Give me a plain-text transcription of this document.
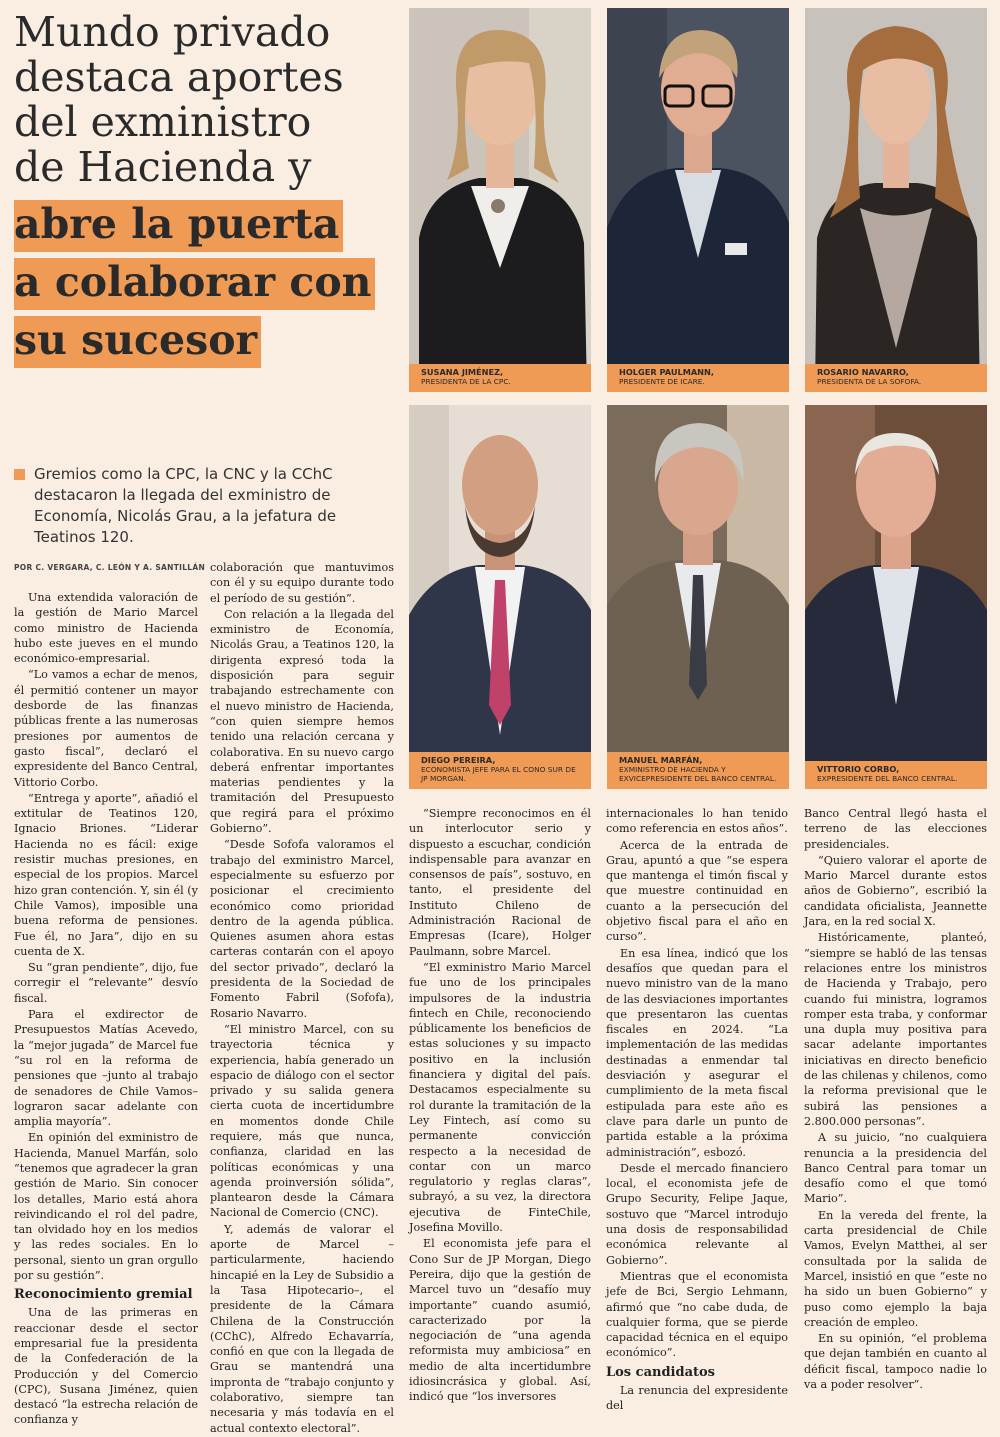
Mundo privado
destaca aportes
del exministro
de Hacienda y
abre la puerta
a colaborar con
su sucesor
Gremios como la CPC, la CNC y la CChC destacaron la llegada del exministro de Economía, Nicolás Grau, a la jefatura de Teatinos 120.
POR C. VERGARA, C. LEÓN Y A. SANTILLÁN
SUSANA JIMÉNEZ,
PRESIDENTA DE LA CPC.
HOLGER PAULMANN,
PRESIDENTE DE ICARE.
ROSARIO NAVARRO,
PRESIDENTA DE LA SOFOFA.
DIEGO PEREIRA,
ECONOMISTA JEFE PARA EL CONO SUR DE JP MORGAN.
MANUEL MARFÁN,
EXMINISTRO DE HACIENDA Y EXVICEPRESIDENTE DEL BANCO CENTRAL.
VITTORIO CORBO,
EXPRESIDENTE DEL BANCO CENTRAL.

Una extendida valoración de la gestión de Mario Marcel como ministro de Hacienda hubo este jueves en el mundo económico-empresarial.

“Lo vamos a echar de menos, él permitió contener un mayor desborde de las finanzas públicas frente a las numerosas presiones por aumentos de gasto fiscal”, declaró el expresidente del Banco Central, Vittorio Corbo.

“Entrega y aporte”, añadió el extitular de Teatinos 120, Ignacio Briones. “Liderar Hacienda no es fácil: exige resistir muchas presiones, en especial de los propios. Marcel hizo gran contención. Y, sin él (y Chile Vamos), imposible una buena reforma de pensiones. Fue él, no Jara”, dijo en su cuenta de X.

Su “gran pendiente”, dijo, fue corregir el “relevante” desvío fiscal.

Para el exdirector de Presupuestos Matías Acevedo, la “mejor jugada” de Marcel fue “su rol en la reforma de pensiones que –junto al trabajo de senadores de Chile Vamos– lograron sacar adelante con amplia mayoría”.

En opinión del exministro de Hacienda, Manuel Marfán, solo “tenemos que agradecer la gran gestión de Mario. Sin conocer los detalles, Mario está ahora reivindicando el rol del padre, tan olvidado hoy en los medios y las redes sociales. En lo personal, siento un gran orgullo por su gestión”.

Reconocimiento gremial

Una de las primeras en reaccionar desde el sector empresarial fue la presidenta de la Confederación de la Producción y del Comercio (CPC), Susana Jiménez, quien destacó “la estrecha relación de confianza y

colaboración que mantuvimos con él y su equipo durante todo el período de su gestión”.

Con relación a la llegada del exministro de Economía, Nicolás Grau, a Teatinos 120, la dirigenta expresó toda la disposición para seguir trabajando estrechamente con el nuevo ministro de Hacienda, “con quien siempre hemos tenido una relación cercana y colaborativa. En su nuevo cargo deberá enfrentar importantes materias pendientes y la tramitación del Presupuesto que regirá para el próximo Gobierno”.

“Desde Sofofa valoramos el trabajo del exministro Marcel, especialmente su esfuerzo por posicionar el crecimiento económico como prioridad dentro de la agenda pública. Quienes asumen ahora estas carteras contarán con el apoyo del sector privado”, declaró la presidenta de la Sociedad de Fomento Fabril (Sofofa), Rosario Navarro.

“El ministro Marcel, con su trayectoria técnica y experiencia, había generado un espacio de diálogo con el sector privado y su salida genera cierta cuota de incertidumbre en momentos donde Chile requiere, más que nunca, confianza, claridad en las políticas económicas y una agenda proinversión sólida”, plantearon desde la Cámara Nacional de Comercio (CNC).

Y, además de valorar el aporte de Marcel –particularmente, haciendo hincapié en la Ley de Subsidio a la Tasa Hipotecario–, el presidente de la Cámara Chilena de la Construcción (CChC), Alfredo Echavarría, confió en que con la llegada de Grau se mantendrá una impronta de “trabajo conjunto y colaborativo, siempre tan necesaria y más todavía en el actual contexto electoral”.

“Siempre reconocimos en él un interlocutor serio y dispuesto a escuchar, condición indispensable para avanzar en consensos de país”, sostuvo, en tanto, el presidente del Instituto Chileno de Administración Racional de Empresas (Icare), Holger Paulmann, sobre Marcel.

“El exministro Mario Marcel fue uno de los principales impulsores de la industria fintech en Chile, reconociendo públicamente los beneficios de estas soluciones y su impacto positivo en la inclusión financiera y digital del país. Destacamos especialmente su rol durante la tramitación de la Ley Fintech, así como su permanente convicción respecto a la necesidad de contar con un marco regulatorio y reglas claras”, subrayó, a su vez, la directora ejecutiva de FinteChile, Josefina Movillo.

El economista jefe para el Cono Sur de JP Morgan, Diego Pereira, dijo que la gestión de Marcel tuvo un “desafío muy importante” cuando asumió, caracterizado por la negociación de “una agenda reformista muy ambiciosa” en medio de alta incertidumbre idiosincrásica y global. Así, indicó que “los inversores

internacionales lo han tenido como referencia en estos años”.

Acerca de la entrada de Grau, apuntó a que “se espera que mantenga el timón fiscal y que muestre continuidad en cuanto a la persecución del objetivo fiscal para el año en curso”.

En esa línea, indicó que los desafíos que quedan para el nuevo ministro van de la mano de las desviaciones importantes que presentaron las cuentas fiscales en 2024. “La implementación de las medidas destinadas a enmendar tal desviación y asegurar el cumplimiento de la meta fiscal estipulada para este año es clave para darle un punto de partida estable a la próxima administración”, esbozó.

Desde el mercado financiero local, el economista jefe de Grupo Security, Felipe Jaque, sostuvo que “Marcel introdujo una dosis de responsabilidad económica relevante al Gobierno”.

Mientras que el economista jefe de Bci, Sergio Lehmann, afirmó que “no cabe duda, de cualquier forma, que se pierde capacidad técnica en el equipo económico”.

Los candidatos

La renuncia del expresidente del

Banco Central llegó hasta el terreno de las elecciones presidenciales.

“Quiero valorar el aporte de Mario Marcel durante estos años de Gobierno”, escribió la candidata oficialista, Jeannette Jara, en la red social X.

Históricamente, planteó, “siempre se habló de las tensas relaciones entre los ministros de Hacienda y Trabajo, pero cuando fui ministra, logramos romper esta traba, y conformar una dupla muy positiva para sacar adelante importantes iniciativas en directo beneficio de las chilenas y chilenos, como la reforma previsional que le subirá las pensiones a 2.800.000 personas”.

A su juicio, “no cualquiera renuncia a la presidencia del Banco Central para tomar un desafío como el que tomó Mario”.

En la vereda del frente, la carta presidencial de Chile Vamos, Evelyn Matthei, al ser consultada por la salida de Marcel, insistió en que “este no ha sido un buen Gobierno” y puso como ejemplo la baja creación de empleo.

En su opinión, “el problema que dejan también en cuanto al déficit fiscal, tampoco nadie lo va a poder resolver”.
